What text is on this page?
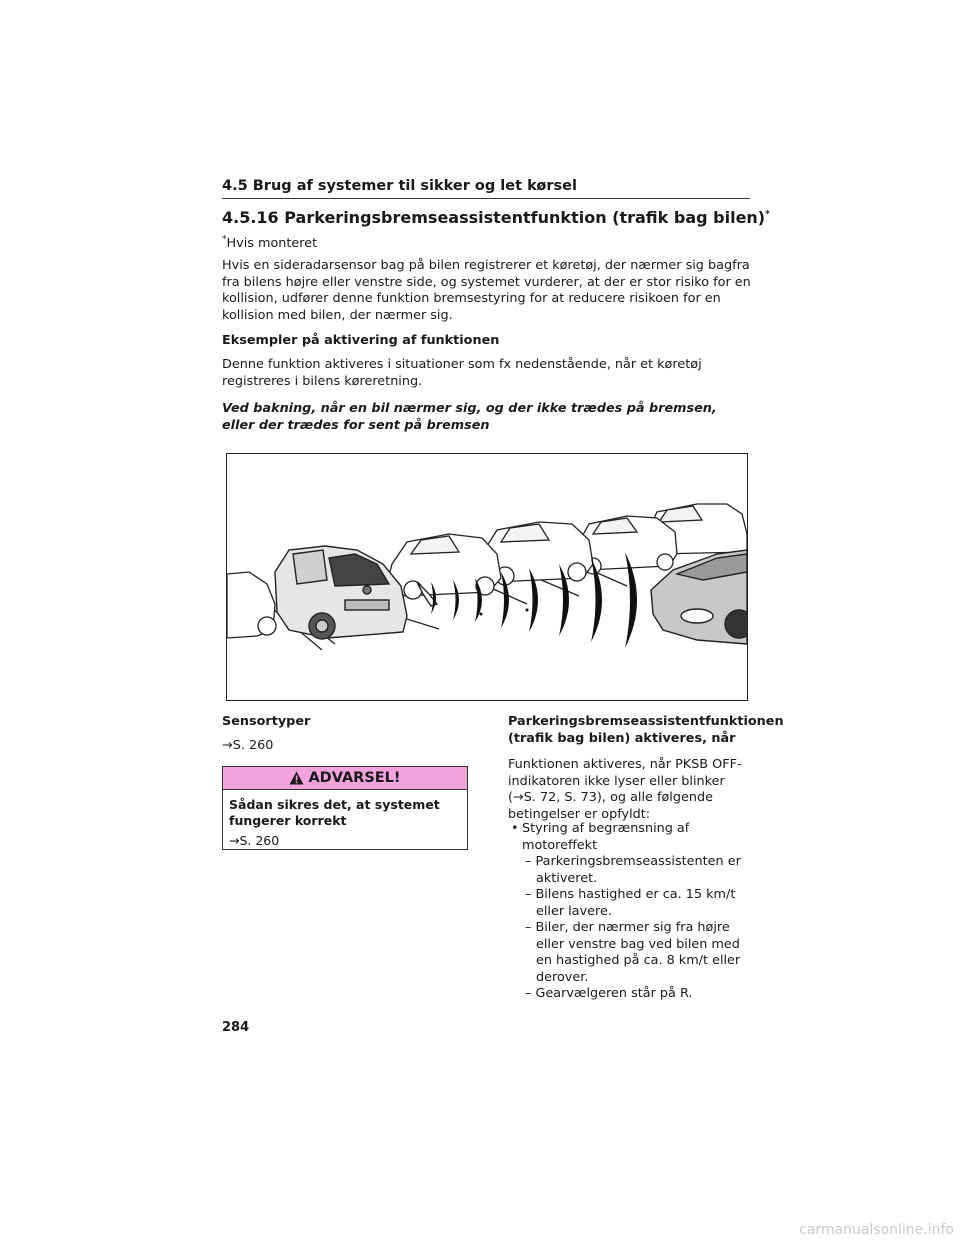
4.5 Brug af systemer til sikker og let kørsel
4.5.16 Parkeringsbremseassistentfunktion (trafik bag bilen)*
*Hvis monteret
Hvis en sideradarsensor bag på bilen registrerer et køretøj, der nærmer sig bagfra fra bilens højre eller venstre side, og systemet vurderer, at der er stor risiko for en kollision, udfører denne funktion bremsestyring for at reducere risikoen for en kollision med bilen, der nærmer sig.
Eksempler på aktivering af funktionen
Denne funktion aktiveres i situationer som fx nedenstående, når et køretøj registreres i bilens køreretning.
Ved bakning, når en bil nærmer sig, og der ikke trædes på bremsen, eller der trædes for sent på bremsen
Sensortyper
→S. 260
ADVARSEL!
Sådan sikres det, at systemet fungerer korrekt
→S. 260
Parkeringsbremseassistentfunktionen (trafik bag bilen) aktiveres, når
Funktionen aktiveres, når PKSB OFF-indikatoren ikke lyser eller blinker (→S. 72, S. 73), og alle følgende betingelser er opfyldt:
• Styring af begrænsning af motoreffekt
– Parkeringsbremseassistenten er aktiveret.
– Bilens hastighed er ca. 15 km/t eller lavere.
– Biler, der nærmer sig fra højre eller venstre bag ved bilen med en hastighed på ca. 8 km/t eller derover.
– Gearvælgeren står på R.
284
carmanualsonline.info
